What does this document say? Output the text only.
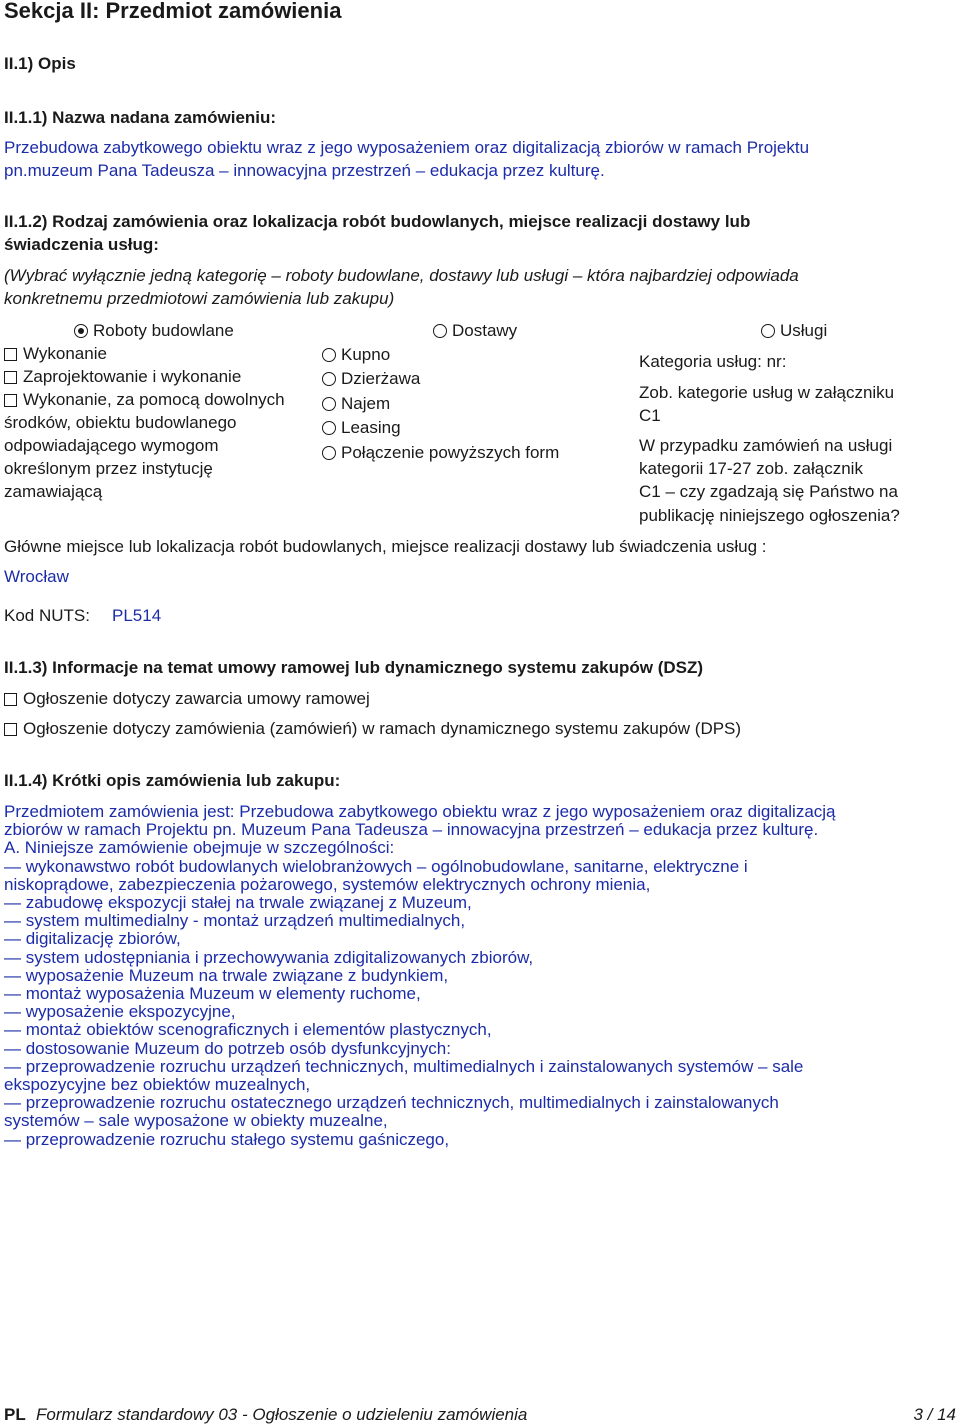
Sekcja II: Przedmiot zamówienia
II.1) Opis
II.1.1) Nazwa nadana zamówieniu:
Przebudowa zabytkowego obiektu wraz z jego wyposażeniem oraz digitalizacją zbiorów w ramach Projektu
pn.muzeum Pana Tadeusza – innowacyjna przestrzeń – edukacja przez kulturę.
II.1.2) Rodzaj zamówienia oraz lokalizacja robót budowlanych, miejsce realizacji dostawy lub
świadczenia usług:
(Wybrać wyłącznie jedną kategorię – roboty budowlane, dostawy lub usługi – która najbardziej odpowiada
konkretnemu przedmiotowi zamówienia lub zakupu)
Roboty budowlane	Dostawy	Usługi
Wykonanie
Zaprojektowanie i wykonanie
Wykonanie, za pomocą dowolnych
środków, obiektu budowlanego
odpowiadającego wymogom
określonym przez instytucję
zamawiającą
Kupno
Dzierżawa
Najem
Leasing
Połączenie powyższych form
Kategoria usług: nr:
Zob. kategorie usług w załączniku
C1
W przypadku zamówień na usługi
kategorii 17-27 zob. załącznik
C1 – czy zgadzają się Państwo na
publikację niniejszego ogłoszenia?
Główne miejsce lub lokalizacja robót budowlanych, miejsce realizacji dostawy lub świadczenia usług :
Wrocław
Kod NUTS: PL514
II.1.3) Informacje na temat umowy ramowej lub dynamicznego systemu zakupów (DSZ)
Ogłoszenie dotyczy zawarcia umowy ramowej
Ogłoszenie dotyczy zamówienia (zamówień) w ramach dynamicznego systemu zakupów (DPS)
II.1.4) Krótki opis zamówienia lub zakupu:
Przedmiotem zamówienia jest: Przebudowa zabytkowego obiektu wraz z jego wyposażeniem oraz digitalizacją
zbiorów w ramach Projektu pn. Muzeum Pana Tadeusza – innowacyjna przestrzeń – edukacja przez kulturę.
A. Niniejsze zamówienie obejmuje w szczególności:
— wykonawstwo robót budowlanych wielobranżowych – ogólnobudowlane, sanitarne, elektryczne i
niskoprądowe, zabezpieczenia pożarowego, systemów elektrycznych ochrony mienia,
— zabudowę ekspozycji stałej na trwale związanej z Muzeum,
— system multimedialny - montaż urządzeń multimedialnych,
— digitalizację zbiorów,
— system udostępniania i przechowywania zdigitalizowanych zbiorów,
— wyposażenie Muzeum na trwale związane z budynkiem,
— montaż wyposażenia Muzeum w elementy ruchome,
— wyposażenie ekspozycyjne,
— montaż obiektów scenograficznych i elementów plastycznych,
— dostosowanie Muzeum do potrzeb osób dysfunkcyjnych:
— przeprowadzenie rozruchu urządzeń technicznych, multimedialnych i zainstalowanych systemów – sale
ekspozycyjne bez obiektów muzealnych,
— przeprowadzenie rozruchu ostatecznego urządzeń technicznych, multimedialnych i zainstalowanych
systemów – sale wyposażone w obiekty muzealne,
— przeprowadzenie rozruchu stałego systemu gaśniczego,
PL Formularz standardowy 03 - Ogłoszenie o udzieleniu zamówienia	3 / 14
